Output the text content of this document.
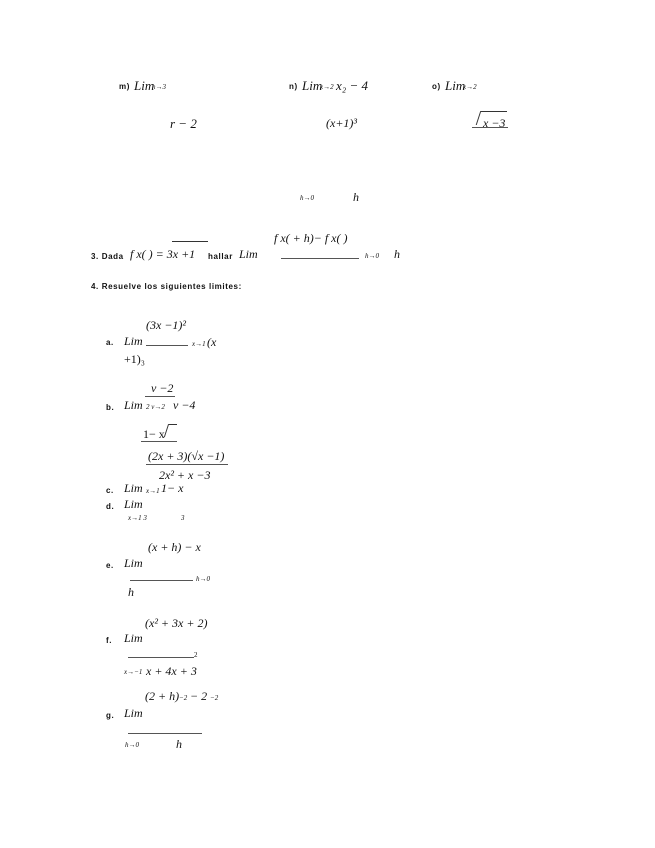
m) Lim
h→3
r − 2
n) Lim
x→2 x₂ − 4
(x+1)³
o) Lim
x→2
x −3
h→0	h
f x( + h)− f x( )
3. Dada f x( ) = 3x +1 hallar Lim	h→0 h
4. Resuelve los siguientes limites:
(3x −1)²
a. Lim	x→1 (x
+1)₃
v −2
b. Lim 2 v→2 v −4
1− x
(2x + 3)(√x −1)
2x² + x −3
c. Lim x→1 1− x
d. Lim
x→1 3	3
(x + h) − x
e. Lim
h→0
h
(x² + 3x + 2)
f. Lim
2
x→−1 x + 4x + 3
(2 + h) −2 − 2 −2
g. Lim
h→0	h
